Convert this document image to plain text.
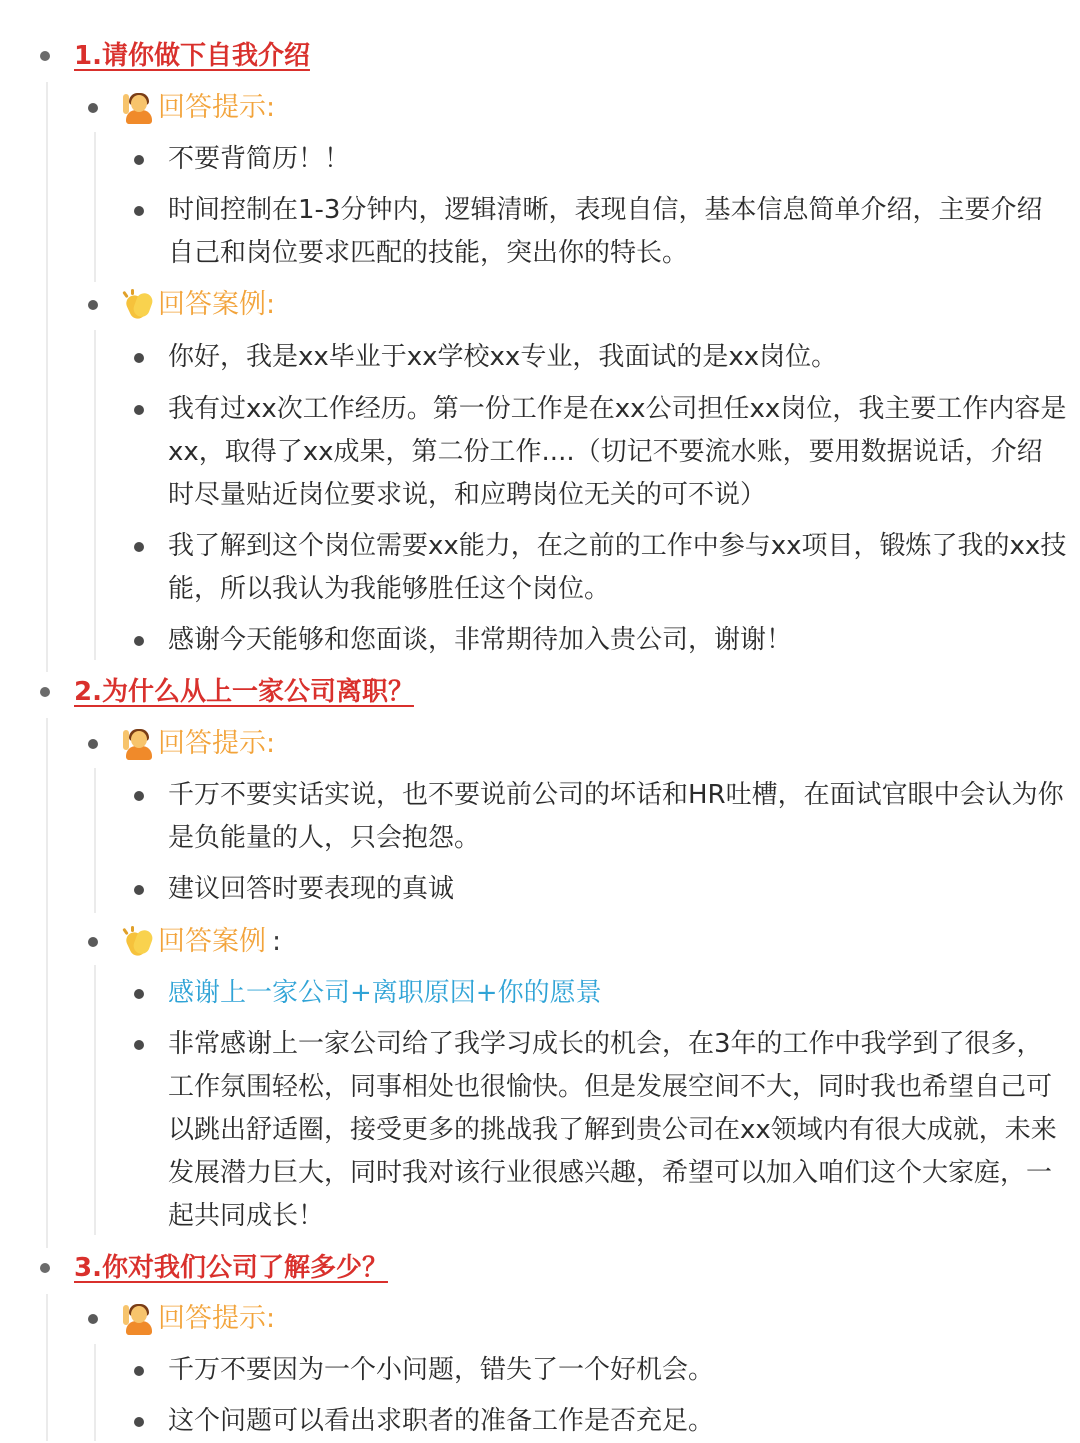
1.请你做下自我介绍
回答提示:
不要背简历！！
时间控制在1-3分钟内，逻辑清晰，表现自信，基本信息简单介绍，主要介绍自己和岗位要求匹配的技能，突出你的特长。
回答案例:
你好，我是xx毕业于xx学校xx专业，我面试的是xx岗位。
我有过xx次工作经历。第一份工作是在xx公司担任xx岗位，我主要工作内容是xx，取得了xx成果，第二份工作....（切记不要流水账，要用数据说话，介绍时尽量贴近岗位要求说，和应聘岗位无关的可不说）
我了解到这个岗位需要xx能力，在之前的工作中参与xx项目，锻炼了我的xx技能，所以我认为我能够胜任这个岗位。
感谢今天能够和您面谈，非常期待加入贵公司，谢谢！
2.为什么从上一家公司离职？
回答提示:
千万不要实话实说，也不要说前公司的坏话和HR吐槽，在面试官眼中会认为你是负能量的人，只会抱怨。
建议回答时要表现的真诚
回答案例 :
感谢上一家公司+离职原因+你的愿景
非常感谢上一家公司给了我学习成长的机会，在3年的工作中我学到了很多，工作氛围轻松，同事相处也很愉快。但是发展空间不大，同时我也希望自己可以跳出舒适圈，接受更多的挑战我了解到贵公司在xx领域内有很大成就，未来发展潜力巨大，同时我对该行业很感兴趣，希望可以加入咱们这个大家庭，一起共同成长！
3.你对我们公司了解多少？
回答提示:
千万不要因为一个小问题，错失了一个好机会。
这个问题可以看出求职者的准备工作是否充足。
